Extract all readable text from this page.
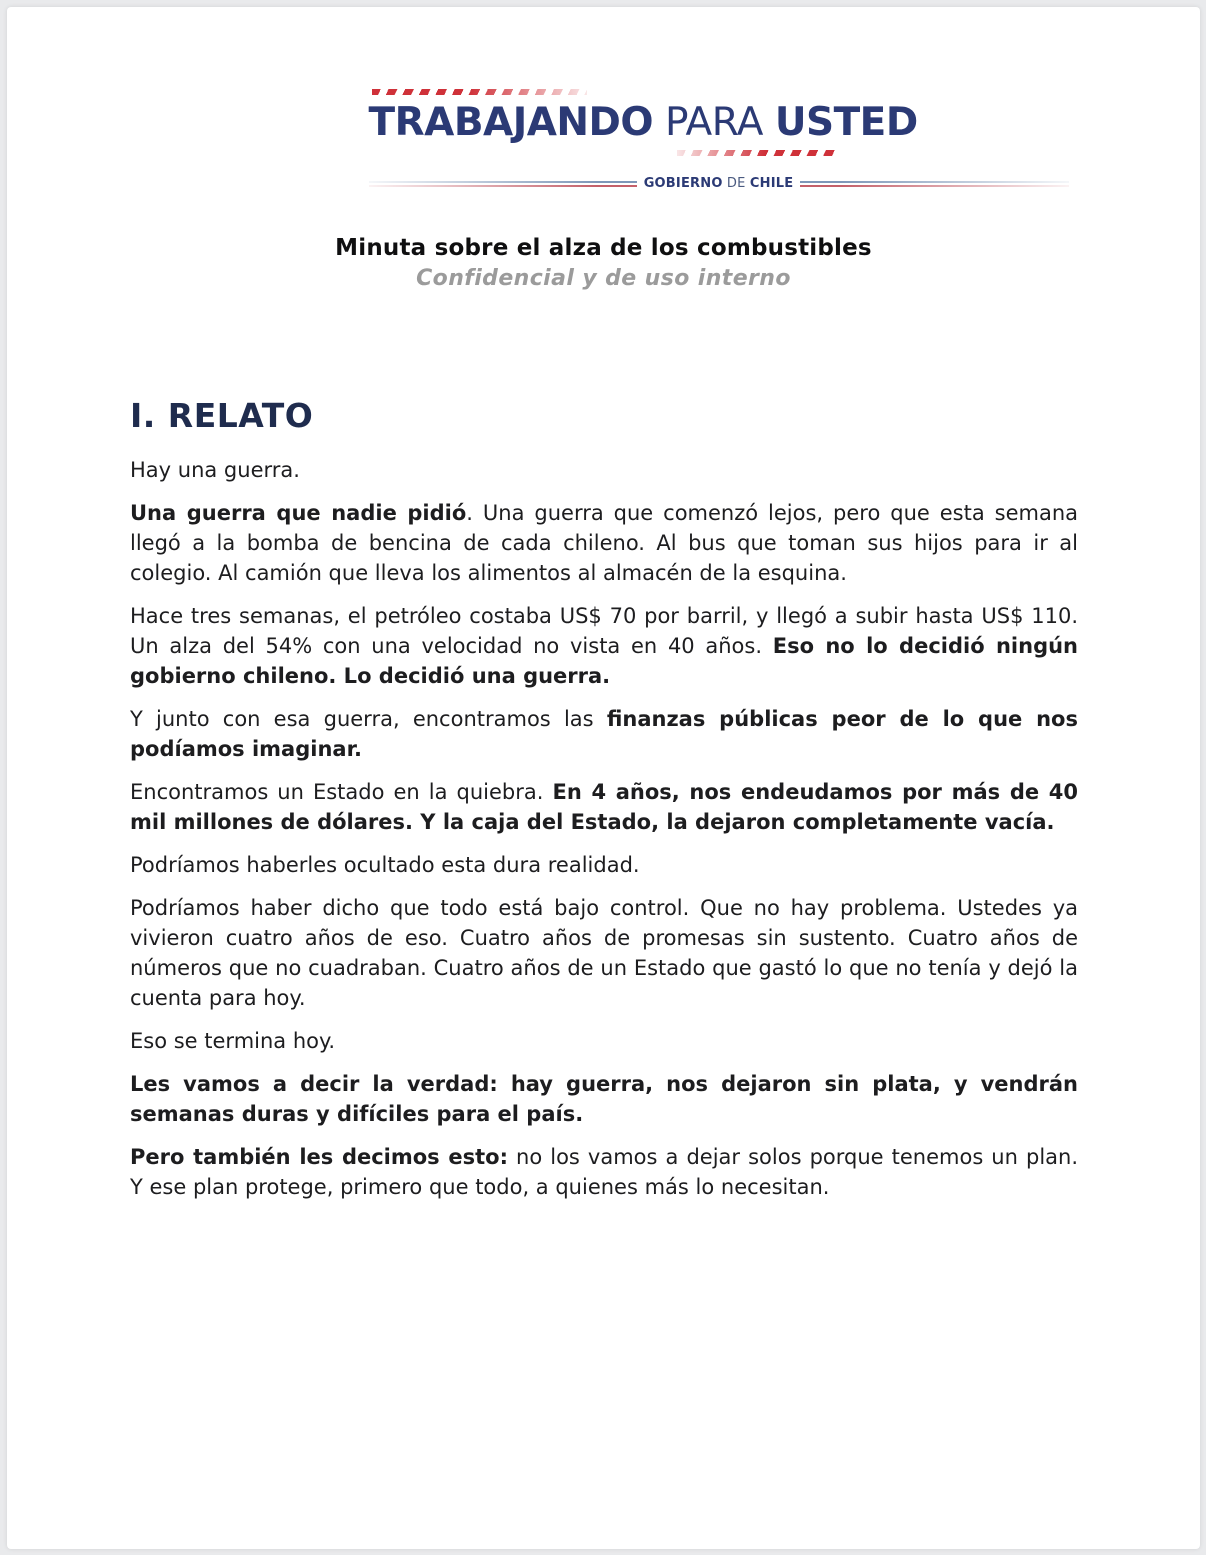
TRABAJANDO PARA USTED
GOBIERNO DE CHILE
Minuta sobre el alza de los combustibles
Confidencial y de uso interno
I. RELATO

Hay una guerra.

Una guerra que nadie pidió. Una guerra que comenzó lejos, pero que esta semana llegó a la bomba de bencina de cada chileno. Al bus que toman sus hijos para ir al colegio. Al camión que lleva los alimentos al almacén de la esquina.

Hace tres semanas, el petróleo costaba US$ 70 por barril, y llegó a subir hasta US$ 110. Un alza del 54% con una velocidad no vista en 40 años. Eso no lo decidió ningún gobierno chileno. Lo decidió una guerra.

Y junto con esa guerra, encontramos las finanzas públicas peor de lo que nos podíamos imaginar.

Encontramos un Estado en la quiebra. En 4 años, nos endeudamos por más de 40 mil millones de dólares. Y la caja del Estado, la dejaron completamente vacía.

Podríamos haberles ocultado esta dura realidad.

Podríamos haber dicho que todo está bajo control. Que no hay problema. Ustedes ya vivieron cuatro años de eso. Cuatro años de promesas sin sustento. Cuatro años de números que no cuadraban. Cuatro años de un Estado que gastó lo que no tenía y dejó la cuenta para hoy.

Eso se termina hoy.

Les vamos a decir la verdad: hay guerra, nos dejaron sin plata, y vendrán semanas duras y difíciles para el país.

Pero también les decimos esto: no los vamos a dejar solos porque tenemos un plan. Y ese plan protege, primero que todo, a quienes más lo necesitan.
